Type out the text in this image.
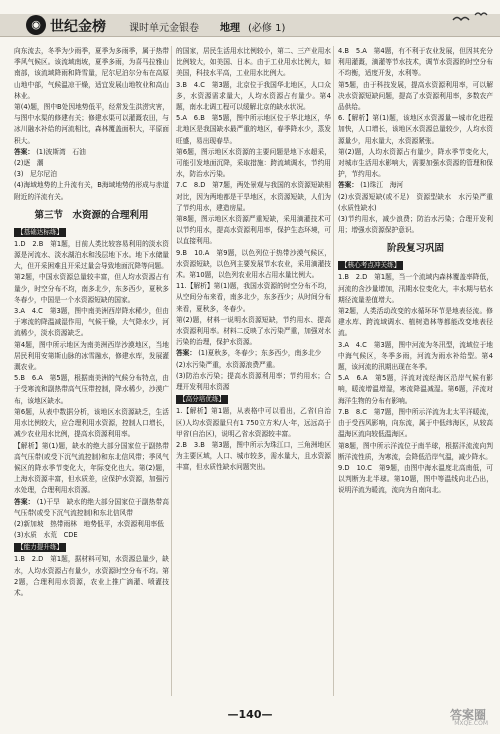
◉ 世纪金榜 课时单元金银卷 地理 (必修 1)

向东流去，冬季为少雨季，夏季为多雨季，属于热带季风气候区。该流域南坡，夏季多雨，为喜马拉雅山南部，该流域降雨和降雪量，尼尔尼泊尔分布在高原山地中部，气候温凉干燥，适宜发展山地牧业和高山林业。

第(4)题，图中B处因地势低平，经常发生洪涝灾害，与图中水渠的修建有关；修建水渠可以灌溉农田，与冰川融水补给的河流相比，森林覆盖面积大，平原面积大。

答案： (1)波斯湾　石油

(2)逐　潮

(3)　尼尔尼泊

(4)海域地势的上升流有关，B海域地势的形成与赤道附近的洋流有关。

第三节　水资源的合理利用
【基础达标练】

1.D　2.B　第1题，目前人类比较容易利用的淡水资源是河流水、淡水湖泊水和浅层地下水。地下水储量大，但开采困难且开采过量会导致地面沉降等问题。

第2题，中国水资源总量较丰富，但人均水资源占有量少，时空分布不均，南多北少，东多西少，夏秋多冬春少，中国是一个水资源短缺的国家。

3.A　4.C　第3题，图中南美洲西岸降水稀少，但由于寒流的降温减湿作用，气候干燥，大气降水少，河流稀少，淡水资源缺乏。

第4题，图中所示地区为南美洲西岸沙漠地区，当地居民利用安第斯山脉的冰雪融水，修建水库，发展灌溉农业。

5.B　6.A　第5题，根据南美洲的气候分布特点，由于受寒流和副热带高气压带控制，降水稀少，沙漠广布，该地区缺水。

第6题，从表中数据分析，该地区水资源缺乏，生活用水比例较大，应合理利用水资源，控制人口增长，减少农业用水比例，提高水资源利用率。

【解析】第(1)题，缺水的绝大部分国家位于副热带高气压带(或受下沉气流控制)和东北信风带；季风气候区的降水季节变化大，年际变化也大。第(2)题，上海水资源丰富，但水质差，应保护水资源，加强污水处理，合理利用水资源。

答案： (1)干旱　缺水的绝大部分国家位于副热带高气压带(或受下沉气流控制)和东北信风带

(2)新加坡　热带雨林　地势低平，水资源利用率低

(3)水质　水荒　CDE

【能力提升练】

1.B　2.D　第1题，据材料可知，水资源总量少，缺水，人均水资源占有量少，水资源时空分布不均。第2题，合理利用水资源，农业上推广滴灌、喷灌技术。

的国家，居民生活用水比例较小，第二、三产业用水比例较大，如美国、日本。由于工业用水比例大，如美国，科技水平高，工业用水比例大。

3.B　4.C　第3题，北京位于我国华北地区，人口众多，水资源需求量大，人均水资源占有量少。第4题，南水北调工程可以缓解北京的缺水状况。

5.A　6.B　第5题，图中所示地区位于华北地区，华北地区是我国缺水最严重的地区，春季降水少，蒸发旺盛，易出现春旱。

第6题，图示地区水资源的主要问题是地下水超采，可能引发地面沉降，采取措施：跨流域调水，节约用水，防治水污染。

7.C　8.D　第7题，两处景观与我国的水资源短缺相对比，因为两地都是干旱地区，水资源短缺，人们为了节约用水，建造房屋。

第8题，图示地区水资源严重短缺，采用滴灌技术可以节约用水，提高水资源利用率，保护生态环境，可以直接利用。

9.B　10.A　第9题，以色列位于热带沙漠气候区，水资源短缺，以色列主要发展节水农业，采用滴灌技术。第10题，以色列农业用水占用水量比例大。

11.【解析】第(1)题，我国水资源的时空分布不均，从空间分布来看，南多北少，东多西少；从时间分布来看，夏秋多，冬春少。

第(2)题，材料一说明水资源短缺，节约用水、提高水资源利用率。材料二反映了水污染严重，加强对水污染的治理，保护水资源。

答案： (1)夏秋多，冬春少；东多西少，南多北少

(2)水污染严重，水资源浪费严重。

(3)防治水污染；提高水资源利用率；节约用水；合理开发利用水资源

【高分培优练】

1.【解析】第1题，从表格中可以看出，乙省(自治区)人均水资源量只有1 750立方米/人·年，远远高于甲省(自治区)，说明乙省水资源较丰富。

2.B　3.B　第3题，图中所示为珠江口，三角洲地区为主要区域，人口、城市较多，需水量大，且水资源丰富，但水质性缺水问题突出。

4.B　5.A　第4题，有不利于农业发展，但因其充分利用灌溉，滴灌等节水技术，调节水资源的时空分布不均衡，适度开发，水利等。

第5题，由于科技发展，提高水资源利用率，可以解决水资源短缺问题，提高了水资源利用率，多数农产品供给。

6.【解析】第(1)题，该地区水资源量—城市化进程加快，人口增长，该地区水资源总量较少，人均水资源量少，用水量大，水资源紧张。

第(2)题，人均水资源占有量少，降水季节变化大，对城市生活用水影响大，需要加强水资源的管理和保护，节约用水。

答案： (1)珠江　海河

(2)水资源短缺(或不足)　资源型缺水　水污染严重(水质性缺水)

(3)节约用水，减少浪费；防治水污染；合理开发利用；增强水资源保护意识。

阶段复习巩固
【核心考点冲关练】

1.B　2.D　第1题，当一个流域内森林覆盖率降低，河流的含沙量增加，汛期水位变化大，丰水期与枯水期径流量差值增大。

第2题，人类活动改变的水循环环节是地表径流。修建水库、跨流域调水、植树造林等都能改变地表径流。

3.A　4.C　第3题，图中河流为冬汛型，流域位于地中海气候区，冬季多雨，河流为雨水补给型。第4题，该河流的汛期出现在冬季。

5.A　6.A　第5题，洋流对流经海区沿岸气候有影响，暖流增温增湿，寒流降温减湿。第6题，洋流对海洋生物的分布有影响。

7.B　8.C　第7题，图中所示洋流为北太平洋暖流，由于受西风影响，向东流，属于中低纬海区，从较高温海区流向较低温海区。

第8题，图中所示洋流位于南半球，根据洋流流向判断洋流性质，为寒流，会降低沿岸气温，减少降水。

9.D　10.C　第9题，由图中海水温度北高南低，可以判断为北半球。第10题，图中等温线向北凸出，说明洋流为暖流，流向为自南向北。

—140—	答案圈
MXQE.COM
